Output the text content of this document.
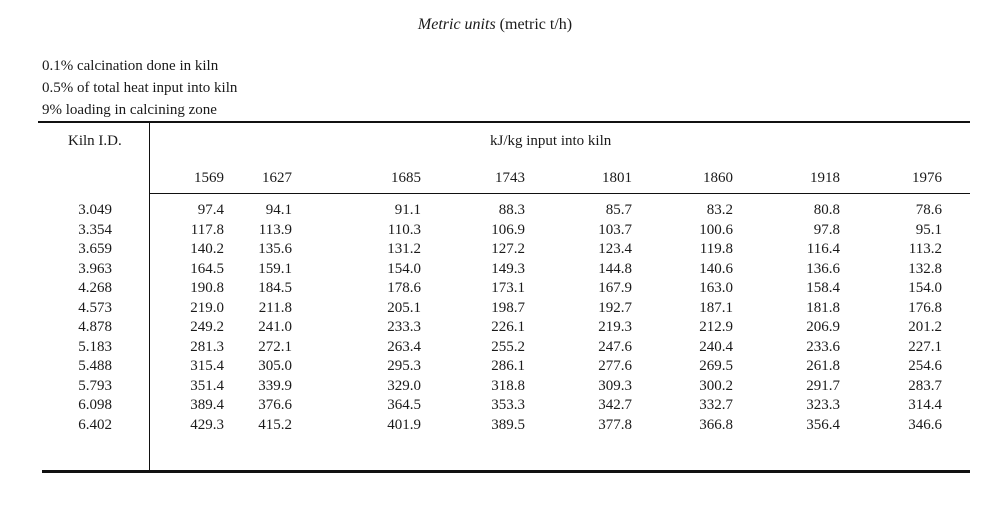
Metric units (metric t/h)
0.1% calcination done in kiln
0.5% of total heat input into kiln
9% loading in calcining zone
Kiln I.D.	kJ/kg input into kiln
1569	1627	1685	1743	1801	1860	1918	1976
3.049	97.4	94.1	91.1	88.3	85.7	83.2	80.8	78.6
3.354	117.8	113.9	110.3	106.9	103.7	100.6	97.8	95.1
3.659	140.2	135.6	131.2	127.2	123.4	119.8	116.4	113.2
3.963	164.5	159.1	154.0	149.3	144.8	140.6	136.6	132.8
4.268	190.8	184.5	178.6	173.1	167.9	163.0	158.4	154.0
4.573	219.0	211.8	205.1	198.7	192.7	187.1	181.8	176.8
4.878	249.2	241.0	233.3	226.1	219.3	212.9	206.9	201.2
5.183	281.3	272.1	263.4	255.2	247.6	240.4	233.6	227.1
5.488	315.4	305.0	295.3	286.1	277.6	269.5	261.8	254.6
5.793	351.4	339.9	329.0	318.8	309.3	300.2	291.7	283.7
6.098	389.4	376.6	364.5	353.3	342.7	332.7	323.3	314.4
6.402	429.3	415.2	401.9	389.5	377.8	366.8	356.4	346.6
